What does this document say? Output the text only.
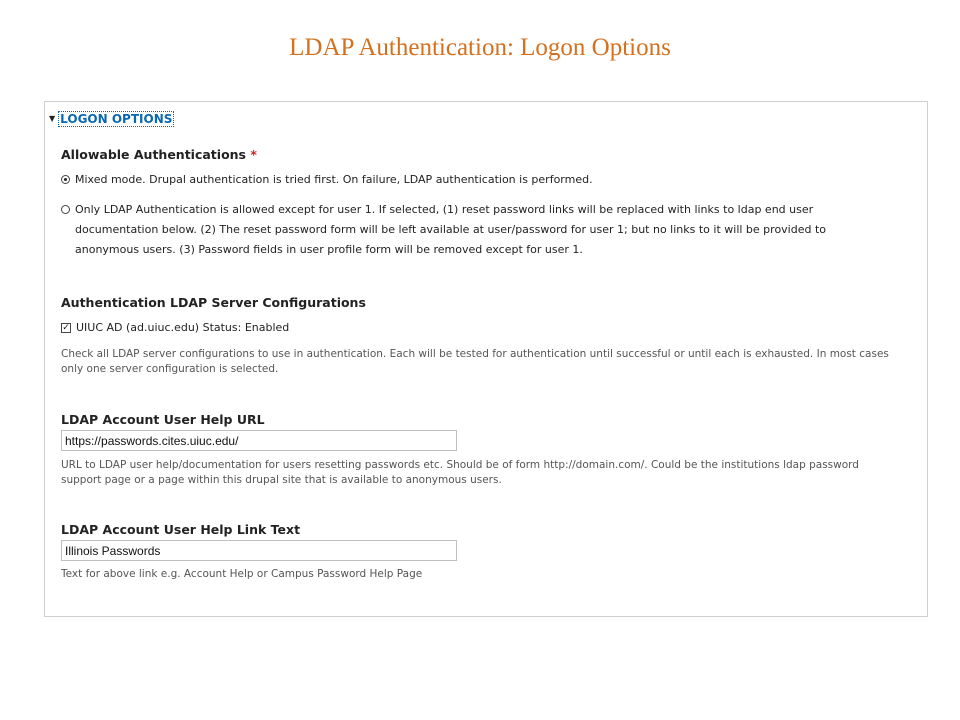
LDAP Authentication: Logon Options
▼ LOGON OPTIONS
Allowable Authentications *
Mixed mode. Drupal authentication is tried first. On failure, LDAP authentication is performed.
Only LDAP Authentication is allowed except for user 1. If selected, (1) reset password links will be replaced with links to ldap end user documentation below. (2) The reset password form will be left available at user/password for user 1; but no links to it will be provided to anonymous users. (3) Password fields in user profile form will be removed except for user 1.
Authentication LDAP Server Configurations
✓ UIUC AD (ad.uiuc.edu) Status: Enabled
Check all LDAP server configurations to use in authentication. Each will be tested for authentication until successful or until each is exhausted. In most cases only one server configuration is selected.
LDAP Account User Help URL
https://passwords.cites.uiuc.edu/
URL to LDAP user help/documentation for users resetting passwords etc. Should be of form http://domain.com/. Could be the institutions ldap password support page or a page within this drupal site that is available to anonymous users.
LDAP Account User Help Link Text
Illinois Passwords
Text for above link e.g. Account Help or Campus Password Help Page
